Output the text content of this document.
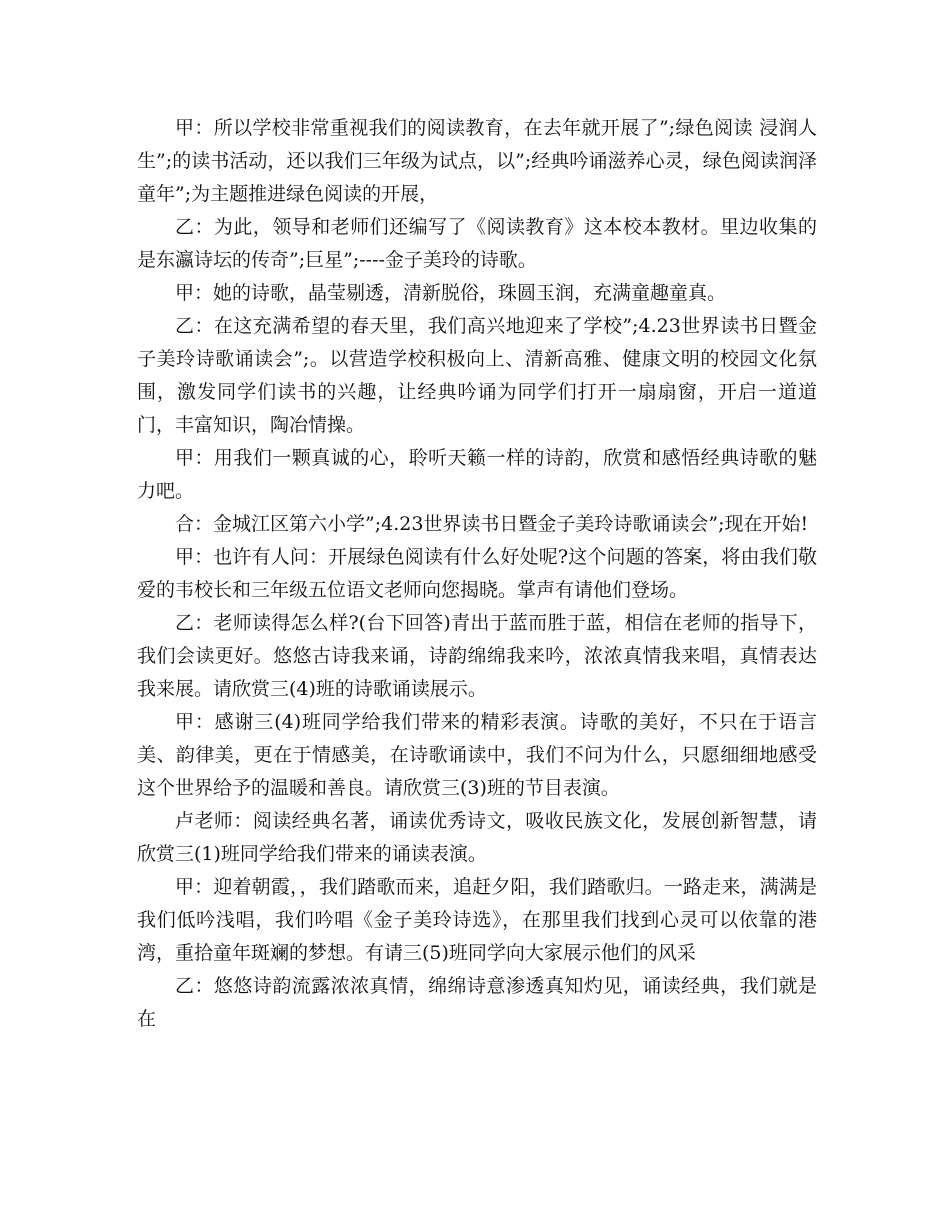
甲：所以学校非常重视我们的阅读教育，在去年就开展了”;绿色阅读 浸润人生”;的读书活动，还以我们三年级为试点，以”;经典吟诵滋养心灵，绿色阅读润泽童年”;为主题推进绿色阅读的开展，

乙：为此，领导和老师们还编写了《阅读教育》这本校本教材。里边收集的是东瀛诗坛的传奇”;巨星”;----金子美玲的诗歌。

甲：她的诗歌，晶莹剔透，清新脱俗，珠圆玉润，充满童趣童真。

乙：在这充满希望的春天里，我们高兴地迎来了学校”;4.23世界读书日暨金子美玲诗歌诵读会”;。以营造学校积极向上、清新高雅、健康文明的校园文化氛围，激发同学们读书的兴趣，让经典吟诵为同学们打开一扇扇窗，开启一道道门，丰富知识，陶冶情操。

甲：用我们一颗真诚的心，聆听天籁一样的诗韵，欣赏和感悟经典诗歌的魅力吧。

合：金城江区第六小学”;4.23世界读书日暨金子美玲诗歌诵读会”;现在开始!

甲：也许有人问：开展绿色阅读有什么好处呢?这个问题的答案，将由我们敬爱的韦校长和三年级五位语文老师向您揭晓。掌声有请他们登场。

乙：老师读得怎么样?(台下回答)青出于蓝而胜于蓝，相信在老师的指导下，我们会读更好。悠悠古诗我来诵，诗韵绵绵我来吟，浓浓真情我来唱，真情表达我来展。请欣赏三(4)班的诗歌诵读展示。

甲：感谢三(4)班同学给我们带来的精彩表演。诗歌的美好，不只在于语言美、韵律美，更在于情感美，在诗歌诵读中，我们不问为什么，只愿细细地感受这个世界给予的温暖和善良。请欣赏三(3)班的节目表演。

卢老师：阅读经典名著，诵读优秀诗文，吸收民族文化，发展创新智慧，请欣赏三(1)班同学给我们带来的诵读表演。

甲：迎着朝霞，，我们踏歌而来，追赶夕阳，我们踏歌归。一路走来，满满是我们低吟浅唱，我们吟唱《金子美玲诗选》，在那里我们找到心灵可以依靠的港湾，重拾童年斑斓的梦想。有请三(5)班同学向大家展示他们的风采

乙：悠悠诗韵流露浓浓真情，绵绵诗意渗透真知灼见，诵读经典，我们就是在
